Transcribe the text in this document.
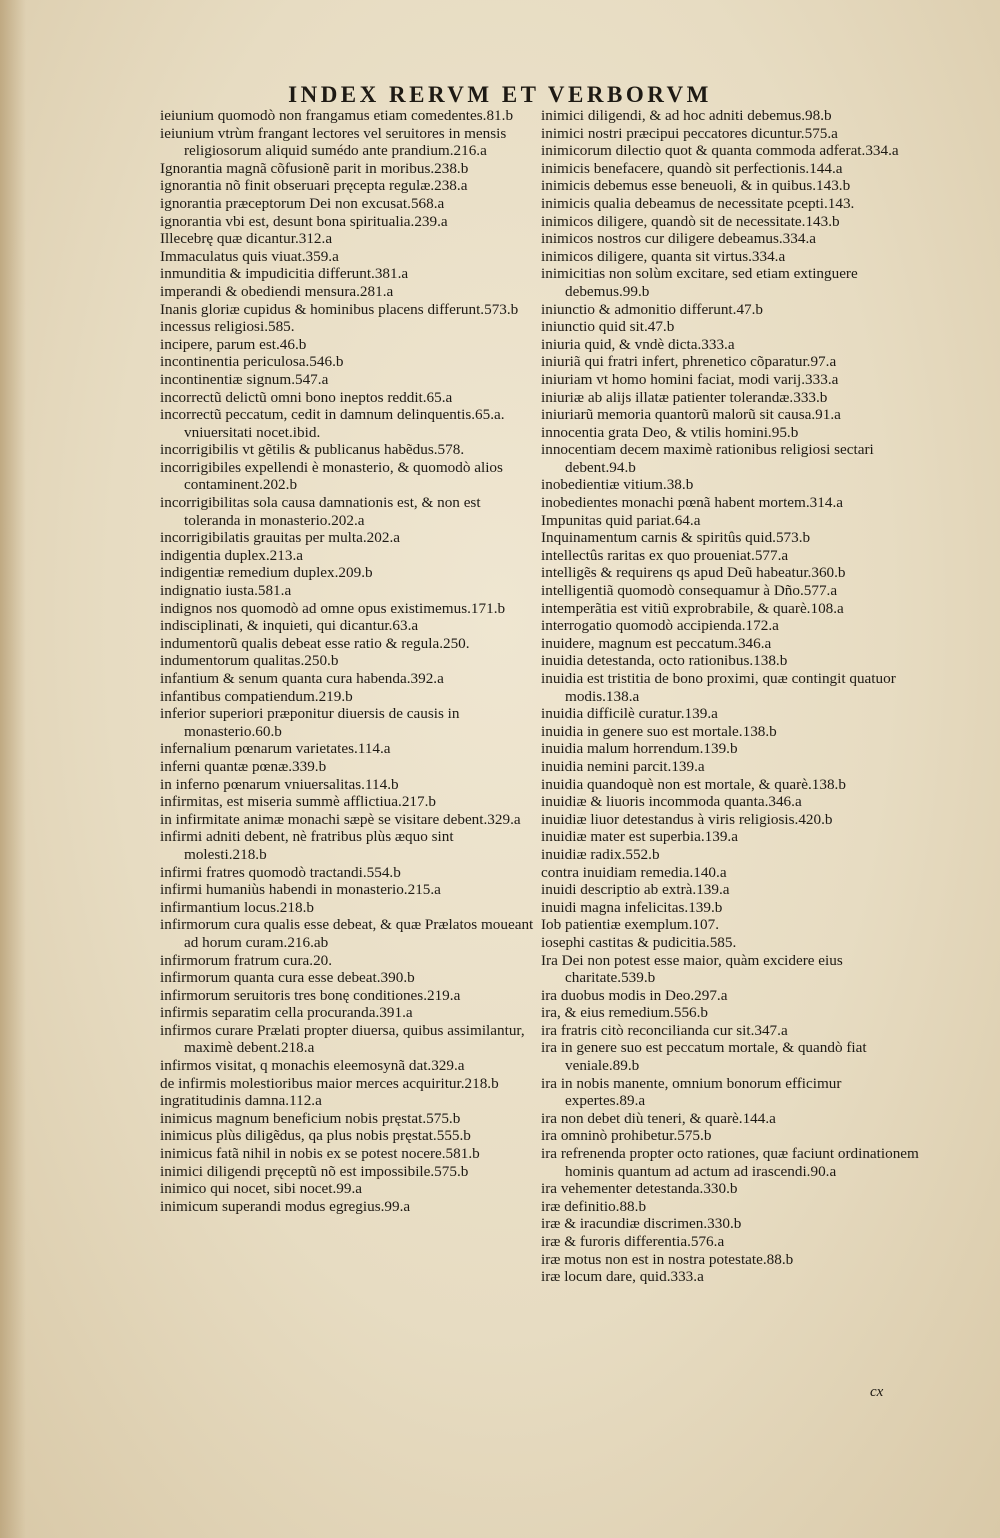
INDEX RERVM ET VERBORVM

ieiunium quomodò non frangamus etiam comedentes.81.b

ieiunium vtrùm frangant lectores vel seruitores in mensis religiosorum aliquid sumédo ante prandium.216.a

Ignorantia magnã cõfusionẽ parit in moribus.238.b

ignorantia nõ finit obseruari pręcepta regulæ.238.a

ignorantia præceptorum Dei non excusat.568.a

ignorantia vbi est, desunt bona spiritualia.239.a

Illecebrę quæ dicantur.312.a

Immaculatus quis viuat.359.a

inmunditia & impudicitia differunt.381.a

imperandi & obediendi mensura.281.a

Inanis gloriæ cupidus & hominibus placens differunt.573.b

incessus religiosi.585.

incipere, parum est.46.b

incontinentia periculosa.546.b

incontinentiæ signum.547.a

incorrectũ delictũ omni bono ineptos reddit.65.a

incorrectũ peccatum, cedit in damnum delinquentis.65.a. vniuersitati nocet.ibid.

incorrigibilis vt gẽtilis & publicanus habẽdus.578.

incorrigibiles expellendi è monasterio, & quomodò alios contaminent.202.b

incorrigibilitas sola causa damnationis est, & non est toleranda in monasterio.202.a

incorrigibilatis grauitas per multa.202.a

indigentia duplex.213.a

indigentiæ remedium duplex.209.b

indignatio iusta.581.a

indignos nos quomodò ad omne opus existimemus.171.b

indisciplinati, & inquieti, qui dicantur.63.a

indumentorũ qualis debeat esse ratio & regula.250.

indumentorum qualitas.250.b

infantium & senum quanta cura habenda.392.a

infantibus compatiendum.219.b

inferior superiori præponitur diuersis de causis in monasterio.60.b

infernalium pœnarum varietates.114.a

inferni quantæ pœnæ.339.b

in inferno pœnarum vniuersalitas.114.b

infirmitas, est miseria summè afflictiua.217.b

in infirmitate animæ monachi sæpè se visitare debent.329.a

infirmi adniti debent, nè fratribus plùs æquo sint molesti.218.b

infirmi fratres quomodò tractandi.554.b

infirmi humaniùs habendi in monasterio.215.a

infirmantium locus.218.b

infirmorum cura qualis esse debeat, & quæ Prælatos moueant ad horum curam.216.ab

infirmorum fratrum cura.20.

infirmorum quanta cura esse debeat.390.b

infirmorum seruitoris tres bonę conditiones.219.a

infirmis separatim cella procuranda.391.a

infirmos curare Prælati propter diuersa, quibus assimilantur, maximè debent.218.a

infirmos visitat, q monachis eleemosynã dat.329.a

de infirmis molestioribus maior merces acquiritur.218.b

ingratitudinis damna.112.a

inimicus magnum beneficium nobis pręstat.575.b

inimicus plùs diligẽdus, qa plus nobis pręstat.555.b

inimicus fatã nihil in nobis ex se potest nocere.581.b

inimici diligendi pręceptũ nõ est impossibile.575.b

inimico qui nocet, sibi nocet.99.a

inimicum superandi modus egregius.99.a

inimici diligendi, & ad hoc adniti debemus.98.b

inimici nostri præcipui peccatores dicuntur.575.a

inimicorum dilectio quot & quanta commoda adferat.334.a

inimicis benefacere, quandò sit perfectionis.144.a

inimicis debemus esse beneuoli, & in quibus.143.b

inimicis qualia debeamus de necessitate pcepti.143.

inimicos diligere, quandò sit de necessitate.143.b

inimicos nostros cur diligere debeamus.334.a

inimicos diligere, quanta sit virtus.334.a

inimicitias non solùm excitare, sed etiam extinguere debemus.99.b

iniunctio & admonitio differunt.47.b

iniunctio quid sit.47.b

iniuria quid, & vndè dicta.333.a

iniuriã qui fratri infert, phrenetico cõparatur.97.a

iniuriam vt homo homini faciat, modi varij.333.a

iniuriæ ab alijs illatæ patienter tolerandæ.333.b

iniuriarũ memoria quantorũ malorũ sit causa.91.a

innocentia grata Deo, & vtilis homini.95.b

innocentiam decem maximè rationibus religiosi sectari debent.94.b

inobedientiæ vitium.38.b

inobedientes monachi pœnã habent mortem.314.a

Impunitas quid pariat.64.a

Inquinamentum carnis & spiritûs quid.573.b

intellectûs raritas ex quo proueniat.577.a

intelligẽs & requirens qs apud Deũ habeatur.360.b

intelligentiã quomodò consequamur à Dño.577.a

intemperãtia est vitiũ exprobrabile, & quarè.108.a

interrogatio quomodò accipienda.172.a

inuidere, magnum est peccatum.346.a

inuidia detestanda, octo rationibus.138.b

inuidia est tristitia de bono proximi, quæ contingit quatuor modis.138.a

inuidia difficilè curatur.139.a

inuidia in genere suo est mortale.138.b

inuidia malum horrendum.139.b

inuidia nemini parcit.139.a

inuidia quandoquè non est mortale, & quarè.138.b

inuidiæ & liuoris incommoda quanta.346.a

inuidiæ liuor detestandus à viris religiosis.420.b

inuidiæ mater est superbia.139.a

inuidiæ radix.552.b

contra inuidiam remedia.140.a

inuidi descriptio ab extrà.139.a

inuidi magna infelicitas.139.b

Iob patientiæ exemplum.107.

iosephi castitas & pudicitia.585.

Ira Dei non potest esse maior, quàm excidere eius charitate.539.b

ira duobus modis in Deo.297.a

ira, & eius remedium.556.b

ira fratris citò reconcilianda cur sit.347.a

ira in genere suo est peccatum mortale, & quandò fiat veniale.89.b

ira in nobis manente, omnium bonorum efficimur expertes.89.a

ira non debet diù teneri, & quarè.144.a

ira omninò prohibetur.575.b

ira refrenenda propter octo rationes, quæ faciunt ordinationem hominis quantum ad actum ad irascendi.90.a

ira vehementer detestanda.330.b

iræ definitio.88.b

iræ & iracundiæ discrimen.330.b

iræ & furoris differentia.576.a

iræ motus non est in nostra potestate.88.b

iræ locum dare, quid.333.a

cx
